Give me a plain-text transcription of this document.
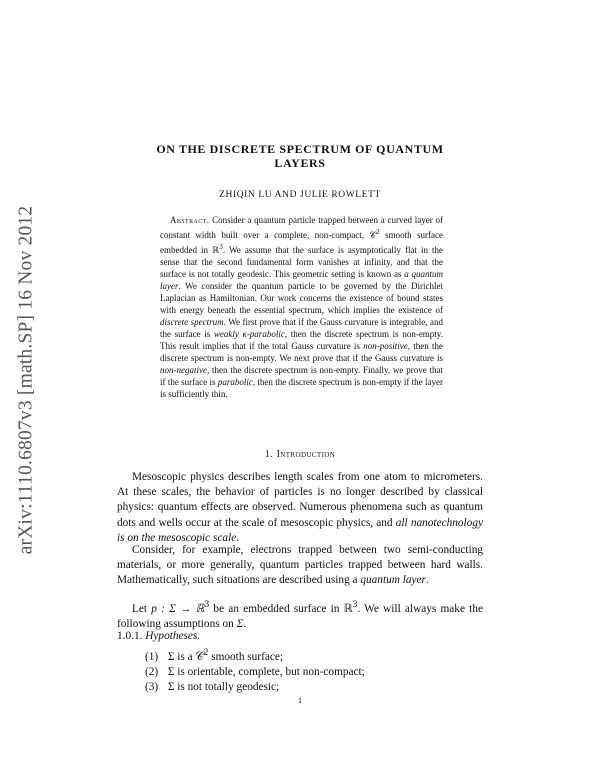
arXiv:1110.6807v3 [math.SP] 16 Nov 2012
ON THE DISCRETE SPECTRUM OF QUANTUM LAYERS
ZHIQIN LU AND JULIE ROWLETT
Abstract. Consider a quantum particle trapped between a curved layer of constant width built over a complete, non-compact, 𝒞$^2$ smooth surface embedded in ℝ$^3$. We assume that the surface is asymptotically flat in the sense that the second fundamental form vanishes at infinity, and that the surface is not totally geodesic. This geometric setting is known as a quantum layer. We consider the quantum particle to be governed by the Dirichlet Laplacian as Hamiltonian. Our work concerns the existence of bound states with energy beneath the essential spectrum, which implies the existence of discrete spectrum. We first prove that if the Gauss curvature is integrable, and the surface is weakly κ-parabolic, then the discrete spectrum is non-empty. This result implies that if the total Gauss curvature is non-positive, then the discrete spectrum is non-empty. We next prove that if the Gauss curvature is non-negative, then the discrete spectrum is non-empty. Finally, we prove that if the surface is parabolic, then the discrete spectrum is non-empty if the layer is sufficiently thin.
1. Introduction
Mesoscopic physics describes length scales from one atom to micrometers. At these scales, the behavior of particles is no longer described by classical physics: quantum effects are observed. Numerous phenomena such as quantum dots and wells occur at the scale of mesoscopic physics, and all nanotechnology is on the mesoscopic scale.
Consider, for example, electrons trapped between two semi-conducting materials, or more generally, quantum particles trapped between hard walls. Mathematically, such situations are described using a quantum layer.
Let p : Σ → ℝ$^3$ be an embedded surface in ℝ$^3$. We will always make the following assumptions on Σ.
1.0.1. Hypotheses.
(1) Σ is a 𝒞$^2$ smooth surface;
(2) Σ is orientable, complete, but non-compact;
(3) Σ is not totally geodesic;
1
